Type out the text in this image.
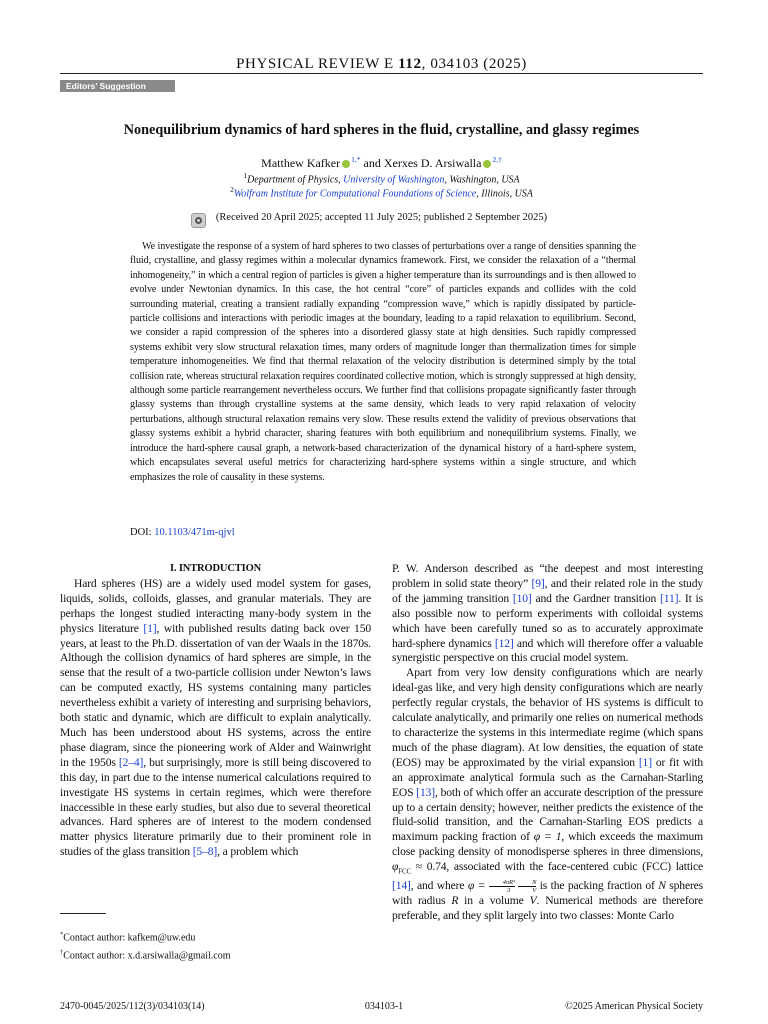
PHYSICAL REVIEW E 112, 034103 (2025)
Editors’ Suggestion
Nonequilibrium dynamics of hard spheres in the fluid, crystalline, and glassy regimes
Matthew Kafker $^{1,*}$ and Xerxes D. Arsiwalla $^{2,\dagger}$
$^1$Department of Physics, University of Washington, Washington, USA
$^2$Wolfram Institute for Computational Foundations of Science, Illinois, USA
(Received 20 April 2025; accepted 11 July 2025; published 2 September 2025)

We investigate the response of a system of hard spheres to two classes of perturbations over a range of densities spanning the fluid, crystalline, and glassy regimes within a molecular dynamics framework. First, we consider the relaxation of a “thermal inhomogeneity,” in which a central region of particles is given a higher temperature than its surroundings and is then allowed to evolve under Newtonian dynamics. In this case, the hot central “core” of particles expands and collides with the cold surrounding material, creating a transient radially expanding “compression wave,” which is rapidly dissipated by particle-particle collisions and interactions with periodic images at the boundary, leading to a rapid relaxation to equilibrium. Second, we consider a rapid compression of the spheres into a disordered glassy state at high densities. Such rapidly compressed systems exhibit very slow structural relaxation times, many orders of magnitude longer than thermalization times for simple temperature inhomogeneities. We find that thermal relaxation of the velocity distribution is determined simply by the total collision rate, whereas structural relaxation requires coordinated collective motion, which is strongly suppressed at high density, although some particle rearrangement nevertheless occurs. We further find that collisions propagate significantly faster through glassy systems than through crystalline systems at the same density, which leads to very rapid relaxation of velocity perturbations, although structural relaxation remains very slow. These results extend the validity of previous observations that glassy systems exhibit a hybrid character, sharing features with both equilibrium and nonequilibrium systems. Finally, we introduce the hard-sphere causal graph, a network-based characterization of the dynamical history of a hard-sphere system, which encapsulates several useful metrics for characterizing hard-sphere systems within a single structure, and which emphasizes the role of causality in these systems.

DOI: 10.1103/471m-qjvl

I. INTRODUCTION

Hard spheres (HS) are a widely used model system for gases, liquids, solids, colloids, glasses, and granular materials. They are perhaps the longest studied interacting many-body system in the physics literature [1], with published results dating back over 150 years, at least to the Ph.D. dissertation of van der Waals in the 1870s. Although the collision dynamics of hard spheres are simple, in the sense that the result of a two-particle collision under Newton’s laws can be computed exactly, HS systems containing many particles nevertheless exhibit a variety of interesting and surprising behaviors, both static and dynamic, which are difficult to explain analytically. Much has been understood about HS systems, across the entire phase diagram, since the pioneering work of Alder and Wainwright in the 1950s [2–4], but surprisingly, more is still being discovered to this day, in part due to the intense numerical calculations required to investigate HS systems in certain regimes, which were therefore inaccessible in these early studies, but also due to several theoretical advances. Hard spheres are of interest to the modern condensed matter physics literature primarily due to their prominent role in studies of the glass transition [5–8], a problem which

P. W. Anderson described as “the deepest and most interesting problem in solid state theory” [9], and their related role in the study of the jamming transition [10] and the Gardner transition [11]. It is also possible now to perform experiments with colloidal systems which have been carefully tuned so as to accurately approximate hard-sphere dynamics [12] and which will therefore offer a valuable synergistic perspective on this crucial model system.

Apart from very low density configurations which are nearly ideal-gas like, and very high density configurations which are nearly perfectly regular crystals, the behavior of HS systems is difficult to calculate analytically, and primarily one relies on numerical methods to characterize the systems in this intermediate regime (which spans much of the phase diagram). At low densities, the equation of state (EOS) may be approximated by the virial expansion [1] or fit with an approximate analytical formula such as the Carnahan-Starling EOS [13], both of which offer an accurate description of the pressure up to a certain density; however, neither predicts the existence of the fluid-solid transition, and the Carnahan-Starling EOS predicts a maximum packing fraction of φ = 1, which exceeds the maximum close packing density of monodisperse spheres in three dimensions, $\varphi_{FCC} \approx 0.74$, associated with the face-centered cubic (FCC) lattice [14], and where $\varphi = \frac{\text{4πR³}}{3}$
$\frac{N}{V}$ is the packing fraction of N spheres with radius R in a volume V. Numerical methods are therefore preferable, and they split largely into two classes: Monte Carlo

*Contact author: kafkem@uw.edu
†Contact author: x.d.arsiwalla@gmail.com
2470-0045/2025/112(3)/034103(14)	034103-1	©2025 American Physical Society
